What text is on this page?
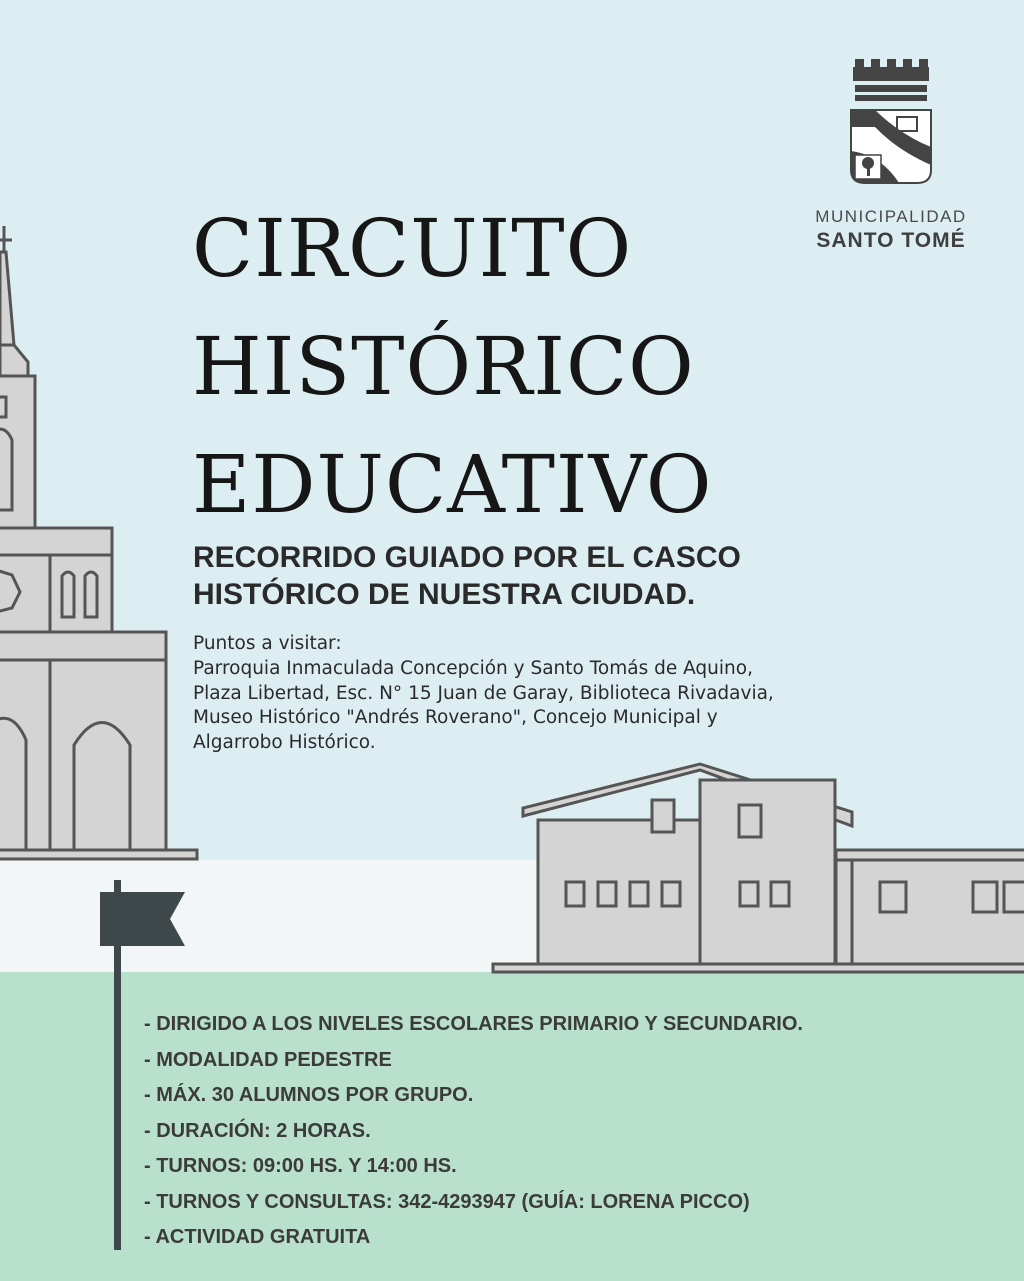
MUNICIPALIDAD
SANTO TOMÉ
CIRCUITO
HISTÓRICO
EDUCATIVO
RECORRIDO GUIADO POR EL CASCO
HISTÓRICO DE NUESTRA CIUDAD.
Puntos a visitar:
Parroquia Inmaculada Concepción y Santo Tomás de Aquino,
Plaza Libertad, Esc. N° 15 Juan de Garay, Biblioteca Rivadavia,
Museo Histórico "Andrés Roverano", Concejo Municipal y
Algarrobo Histórico.
- DIRIGIDO A LOS NIVELES ESCOLARES PRIMARIO Y SECUNDARIO.
- MODALIDAD PEDESTRE
- MÁX. 30 ALUMNOS POR GRUPO.
- DURACIÓN: 2 HORAS.
- TURNOS: 09:00 HS. Y 14:00 HS.
- TURNOS Y CONSULTAS: 342-4293947 (GUÍA: LORENA PICCO)
- ACTIVIDAD GRATUITA
